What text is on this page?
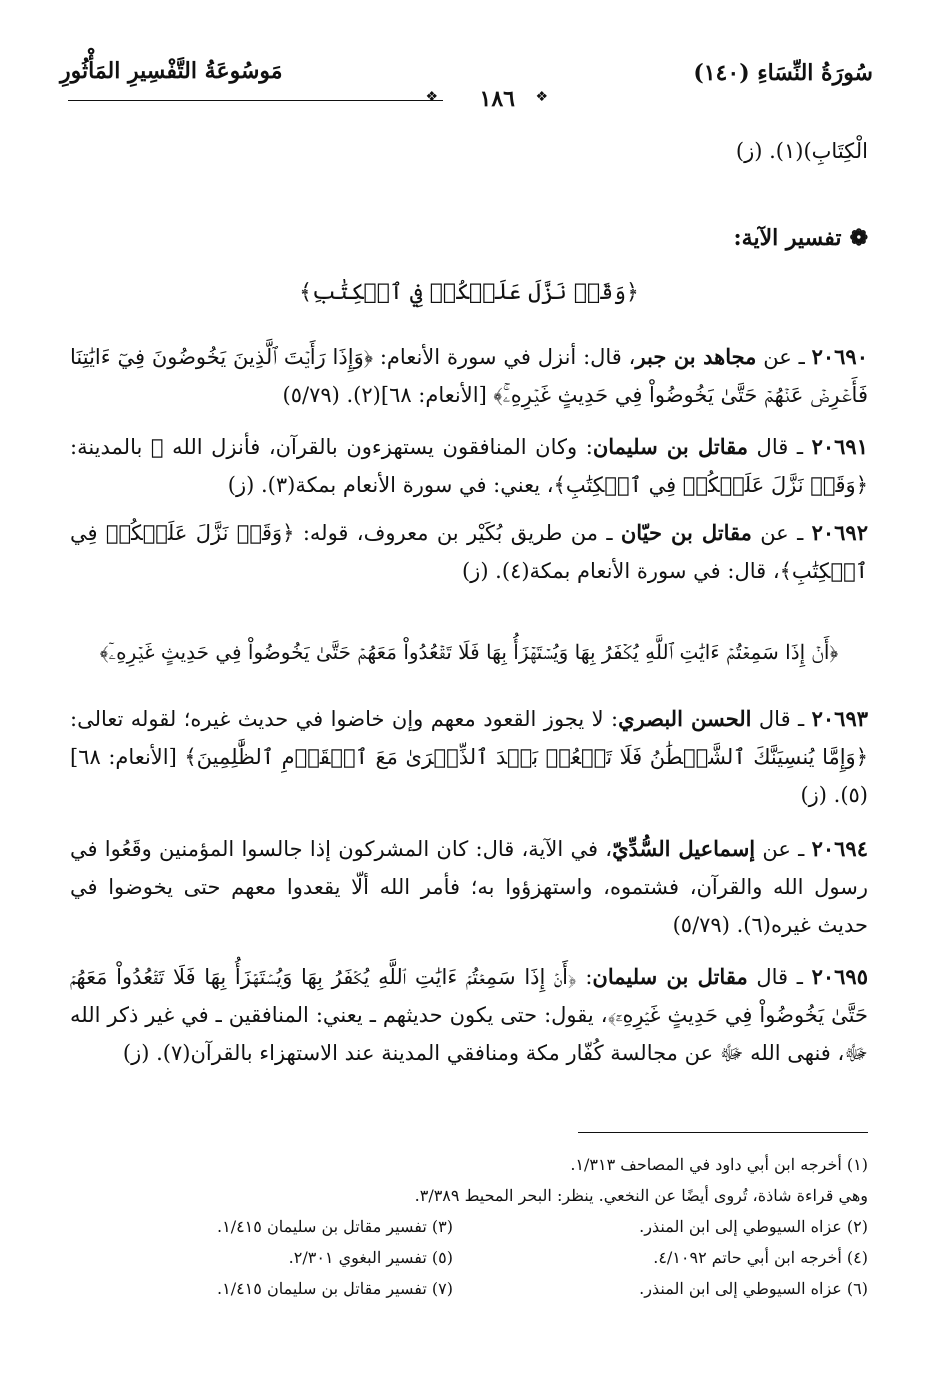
سُورَةُ النِّسَاءِ (١٤٠)
مَوسُوعَةُ التَّفْسِيرِ المَأْثُورِ
❖	❖
١٨٦
الْكِتَابِ)(١). (ز)
❁تفسير الآية:
﴿وَقَدۡ نَزَّلَ عَلَيۡكُمۡ فِي ٱلۡكِتَٰبِ﴾
٢٠٦٩٠ ـ عن مجاهد بن جبر، قال: أنزل في سورة الأنعام: ﴿وَإِذَا رَأَيۡتَ ٱلَّذِينَ يَخُوضُونَ فِيٓ ءَايَٰتِنَا فَأَعۡرِضۡ عَنۡهُمۡ حَتَّىٰ يَخُوضُواْ فِي حَدِيثٍ غَيۡرِهِۦۚ﴾ [الأنعام: ٦٨](٢). (٥/٧٩)
٢٠٦٩١ ـ قال مقاتل بن سليمان: وكان المنافقون يستهزءون بالقرآن، فأنزل الله ﷻ بالمدينة: ﴿وَقَدۡ نَزَّلَ عَلَيۡكُمۡ فِي ٱلۡكِتَٰبِ﴾، يعني: في سورة الأنعام بمكة(٣). (ز)
٢٠٦٩٢ ـ عن مقاتل بن حيّان ـ من طريق بُكَيْر بن معروف، قوله: ﴿وَقَدۡ نَزَّلَ عَلَيۡكُمۡ فِي ٱلۡكِتَٰبِ﴾، قال: في سورة الأنعام بمكة(٤). (ز)
﴿أَنۡ إِذَا سَمِعۡتُمۡ ءَايَٰتِ ٱللَّهِ يُكۡفَرُ بِهَا وَيُسۡتَهۡزَأُ بِهَا فَلَا تَقۡعُدُواْ مَعَهُمۡ حَتَّىٰ يَخُوضُواْ فِي حَدِيثٍ غَيۡرِهِۦٓ﴾
٢٠٦٩٣ ـ قال الحسن البصري: لا يجوز القعود معهم وإن خاضوا في حديث غيره؛ لقوله تعالى: ﴿وَإِمَّا يُنسِيَنَّكَ ٱلشَّيۡطَٰنُ فَلَا تَقۡعُدۡ بَعۡدَ ٱلذِّكۡرَىٰ مَعَ ٱلۡقَوۡمِ ٱلظَّٰلِمِينَ﴾ [الأنعام: ٦٨](٥). (ز)
٢٠٦٩٤ ـ عن إسماعيل السُّدِّيّ، في الآية، قال: كان المشركون إذا جالسوا المؤمنين وقَعُوا في رسول الله والقرآن، فشتموه، واستهزؤوا به؛ فأمر الله ألّا يقعدوا معهم حتى يخوضوا في حديث غيره(٦). (٥/٧٩)
٢٠٦٩٥ ـ قال مقاتل بن سليمان: ﴿أَنۡ إِذَا سَمِعۡتُمۡ ءَايَٰتِ ٱللَّهِ يُكۡفَرُ بِهَا وَيُسۡتَهۡزَأُ بِهَا فَلَا تَقۡعُدُواْ مَعَهُمۡ حَتَّىٰ يَخُوضُواْ فِي حَدِيثٍ غَيۡرِهِۦٓ﴾، يقول: حتى يكون حديثهم ـ يعني: المنافقين ـ في غير ذكر الله ﷻ، فنهى الله ﷻ عن مجالسة كُفّار مكة ومنافقي المدينة عند الاستهزاء بالقرآن(٧). (ز)
(١) أخرجه ابن أبي داود في المصاحف ١/٣١٣.
وهي قراءة شاذة، تُروى أيضًا عن النخعي. ينظر: البحر المحيط ٣/٣٨٩.
(٢) عزاه السيوطي إلى ابن المنذر.
(٣) تفسير مقاتل بن سليمان ١/٤١٥.
(٤) أخرجه ابن أبي حاتم ٤/١٠٩٢.
(٥) تفسير البغوي ٢/٣٠١.
(٦) عزاه السيوطي إلى ابن المنذر.
(٧) تفسير مقاتل بن سليمان ١/٤١٥.
